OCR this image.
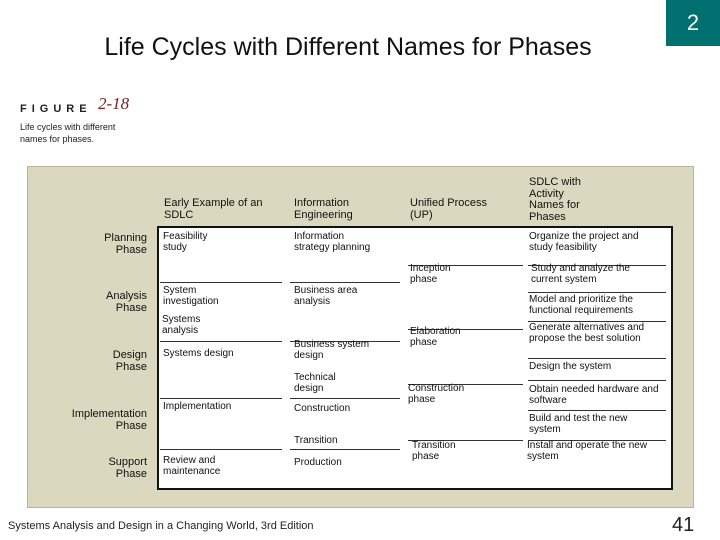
Life Cycles with Different Names for Phases
2
FIGURE 2-18
Life cycles with different names for phases.
Early Example of an SDLC
Information Engineering
Unified Process (UP)
SDLC with Activity Names for Phases
Planning Phase
Analysis Phase
Design Phase
Implementation Phase
Support Phase
Feasibility study
System investigation
Systems analysis
Systems design
Implementation
Review and maintenance
Information strategy planning
Business area analysis
Business system design
Technical design
Construction
Transition
Production
Inception phase
Elaboration phase
Construction phase
Transition phase
Organize the project and study feasibility
Study and analyze the current system
Model and prioritize the functional requirements
Generate alternatives and propose the best solution
Design the system
Obtain needed hardware and software
Build and test the new system
Install and operate the new system
Systems Analysis and Design in a Changing World, 3rd Edition	41
